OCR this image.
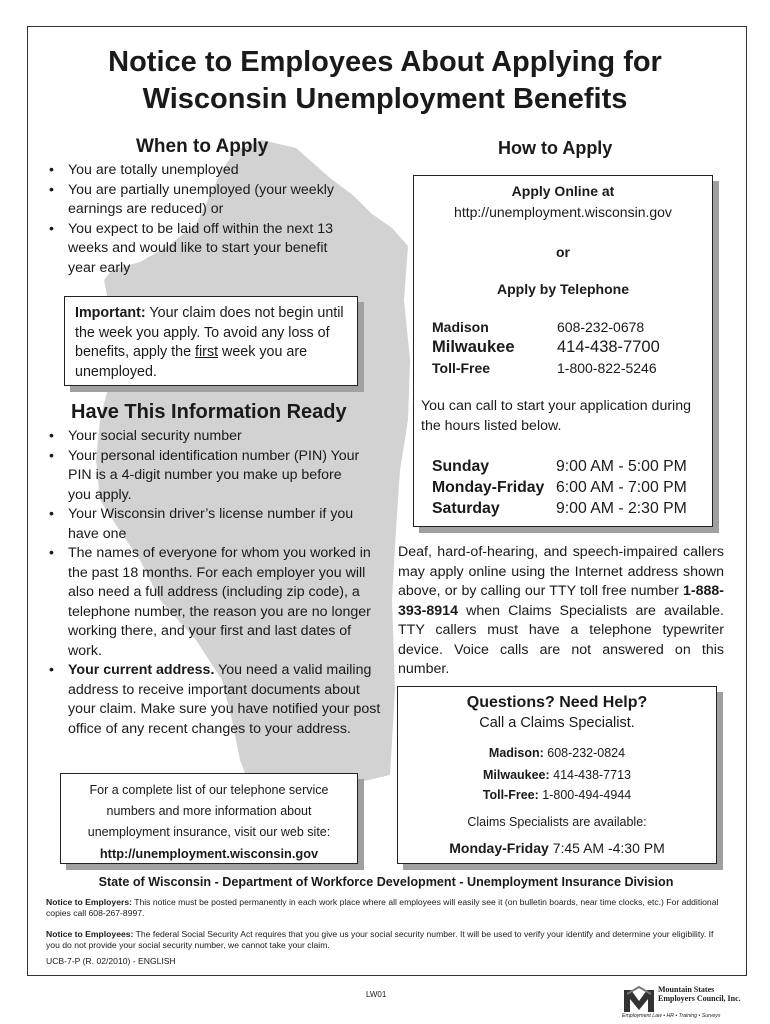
Notice to Employees About Applying for Wisconsin Unemployment Benefits
When to Apply
• You are totally unemployed
• You are partially unemployed (your weekly earnings are reduced) or
• You expect to be laid off within the next 13 weeks and would like to start your benefit year early
Important: Your claim does not begin until the week you apply. To avoid any loss of benefits, apply the first week you are unemployed.
Have This Information Ready
• Your social security number
• Your personal identification number (PIN) Your PIN is a 4-digit number you make up before you apply.
• Your Wisconsin driver’s license number if you have one
• The names of everyone for whom you worked in the past 18 months. For each employer you will also need a full address (including zip code), a telephone number, the reason you are no longer working there, and your first and last dates of work.
• Your current address. You need a valid mailing address to receive important documents about your claim. Make sure you have notified your post office of any recent changes to your address.
For a complete list of our telephone service numbers and more information about unemployment insurance, visit our web site:
http://unemployment.wisconsin.gov
How to Apply
Apply Online at
http://unemployment.wisconsin.gov
or
Apply by Telephone
Madison	608-232-0678
Milwaukee	414-438-7700
Toll-Free	1-800-822-5246
You can call to start your application during the hours listed below.
Sunday	9:00 AM - 5:00 PM
Monday-Friday 6:00 AM - 7:00 PM
Saturday	9:00 AM - 2:30 PM
Deaf, hard-of-hearing, and speech-impaired callers may apply online using the Internet address shown above, or by calling our TTY toll free number 1-888-393-8914 when Claims Specialists are available. TTY callers must have a telephone typewriter device. Voice calls are not answered on this number.
Questions? Need Help?
Call a Claims Specialist.
Madison: 608-232-0824
Milwaukee: 414-438-7713
Toll-Free: 1-800-494-4944
Claims Specialists are available:
Monday-Friday 7:45 AM -4:30 PM
State of Wisconsin - Department of Workforce Development - Unemployment Insurance Division
Notice to Employers: This notice must be posted permanently in each work place where all employees will easily see it (on bulletin boards, near time clocks, etc.) For additional copies call 608-267-8997.
Notice to Employees: The federal Social Security Act requires that you give us your social security number. It will be used to verify your identify and determine your eligibility. If you do not provide your social security number, we cannot take your claim.
UCB-7-P (R. 02/2010) - ENGLISH
LW01
Mountain States
Employers Council, Inc.
Employment Law • HR • Training • Surveys
